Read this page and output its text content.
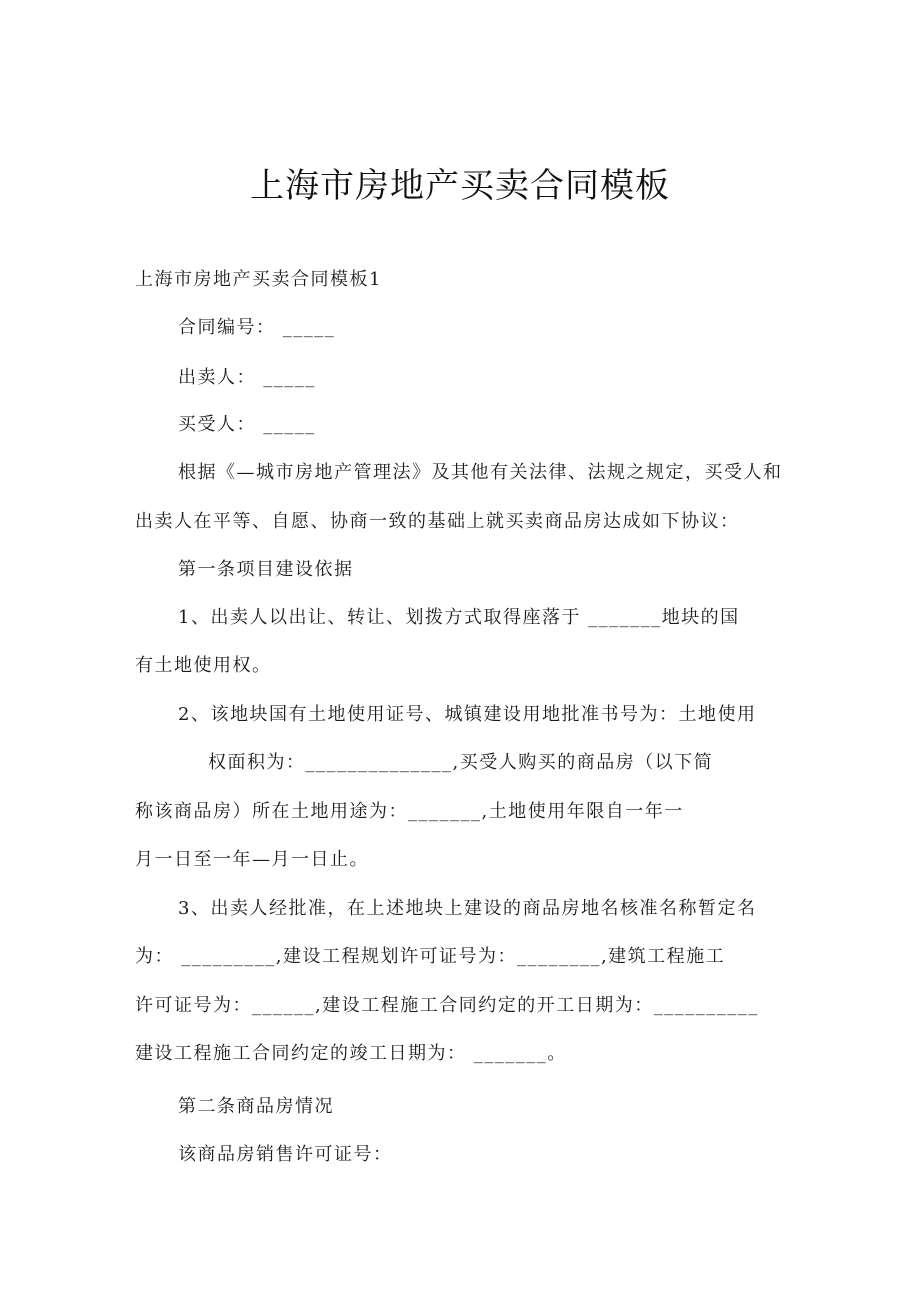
上海市房地产买卖合同模板
上海市房地产买卖合同模板1
合同编号： _____
出卖人： _____
买受人： _____
根据《—城市房地产管理法》及其他有关法律、法规之规定，买受人和
出卖人在平等、自愿、协商一致的基础上就买卖商品房达成如下协议：
第一条项目建设依据
1、出卖人以出让、转让、划拨方式取得座落于 _______地块的国
有土地使用权。
2、该地块国有土地使用证号、城镇建设用地批准书号为：土地使用
权面积为：______________,买受人购买的商品房（以下简
称该商品房）所在土地用途为：_______,土地使用年限自一年一
月一日至一年—月一日止。
3、出卖人经批准，在上述地块上建设的商品房地名核准名称暂定名
为： _________,建设工程规划许可证号为：________,建筑工程施工
许可证号为：______,建设工程施工合同约定的开工日期为：__________
建设工程施工合同约定的竣工日期为： _______。
第二条商品房情况
该商品房销售许可证号：
